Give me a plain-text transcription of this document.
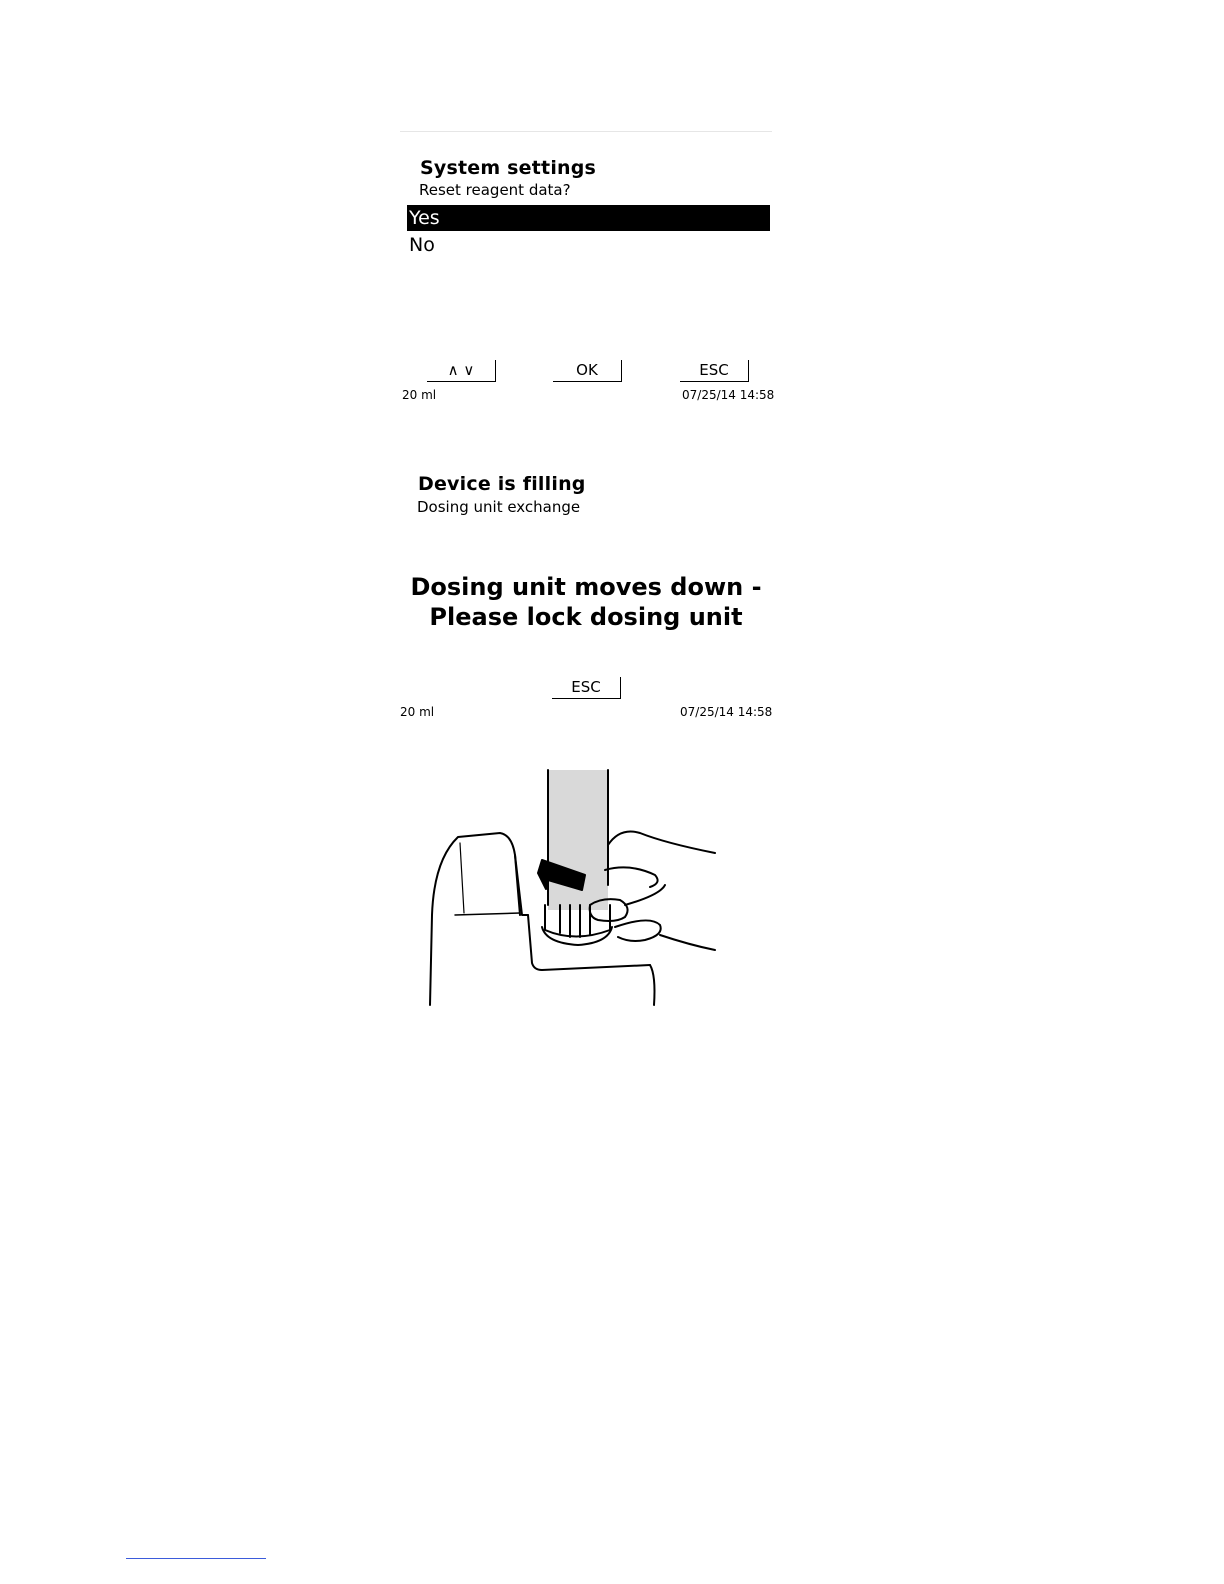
System settings
Reset reagent data?
Yes
No
∧ ∨	OK	ESC
20 ml	07/25/14 14:58
Device is filling
Dosing unit exchange
Dosing unit moves down -
Please lock dosing unit
ESC
20 ml	07/25/14 14:58
